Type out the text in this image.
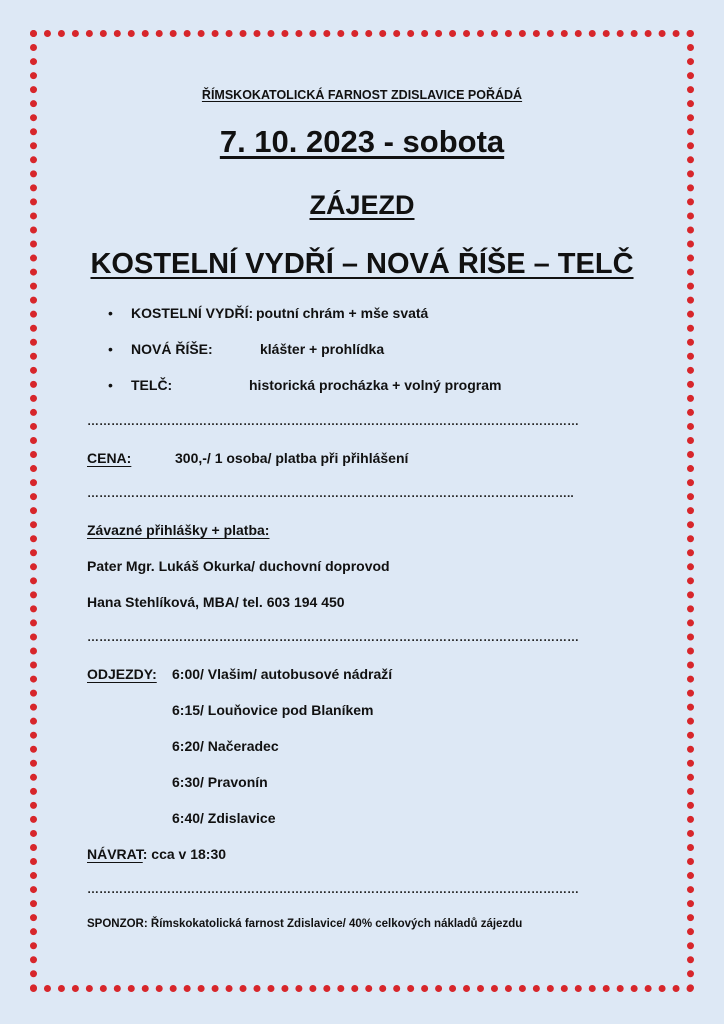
ŘÍMSKOKATOLICKÁ FARNOST ZDISLAVICE POŘÁDÁ
7. 10. 2023 - sobota
ZÁJEZD
KOSTELNÍ VYDŘÍ – NOVÁ ŘÍŠE – TELČ
• KOSTELNÍ VYDŘÍ: poutní chrám + mše svatá
• NOVÁ ŘÍŠE:	klášter + prohlídka
• TELČ:	historická procházka + volný program
……………………………………………………………………………………………………………
CENA:	300,-/ 1 osoba/ platba při přihlášení
…………………………………………………………………………………………………………..
Závazné přihlášky + platba:
Pater Mgr. Lukáš Okurka/ duchovní doprovod
Hana Stehlíková, MBA/ tel. 603 194 450
……………………………………………………………………………………………………………
ODJEZDY: 6:00/ Vlašim/ autobusové nádraží
6:15/ Louňovice pod Blaníkem
6:20/ Načeradec
6:30/ Pravonín
6:40/ Zdislavice
NÁVRAT: cca v 18:30
……………………………………………………………………………………………………………
SPONZOR: Římskokatolická farnost Zdislavice/ 40% celkových nákladů zájezdu
